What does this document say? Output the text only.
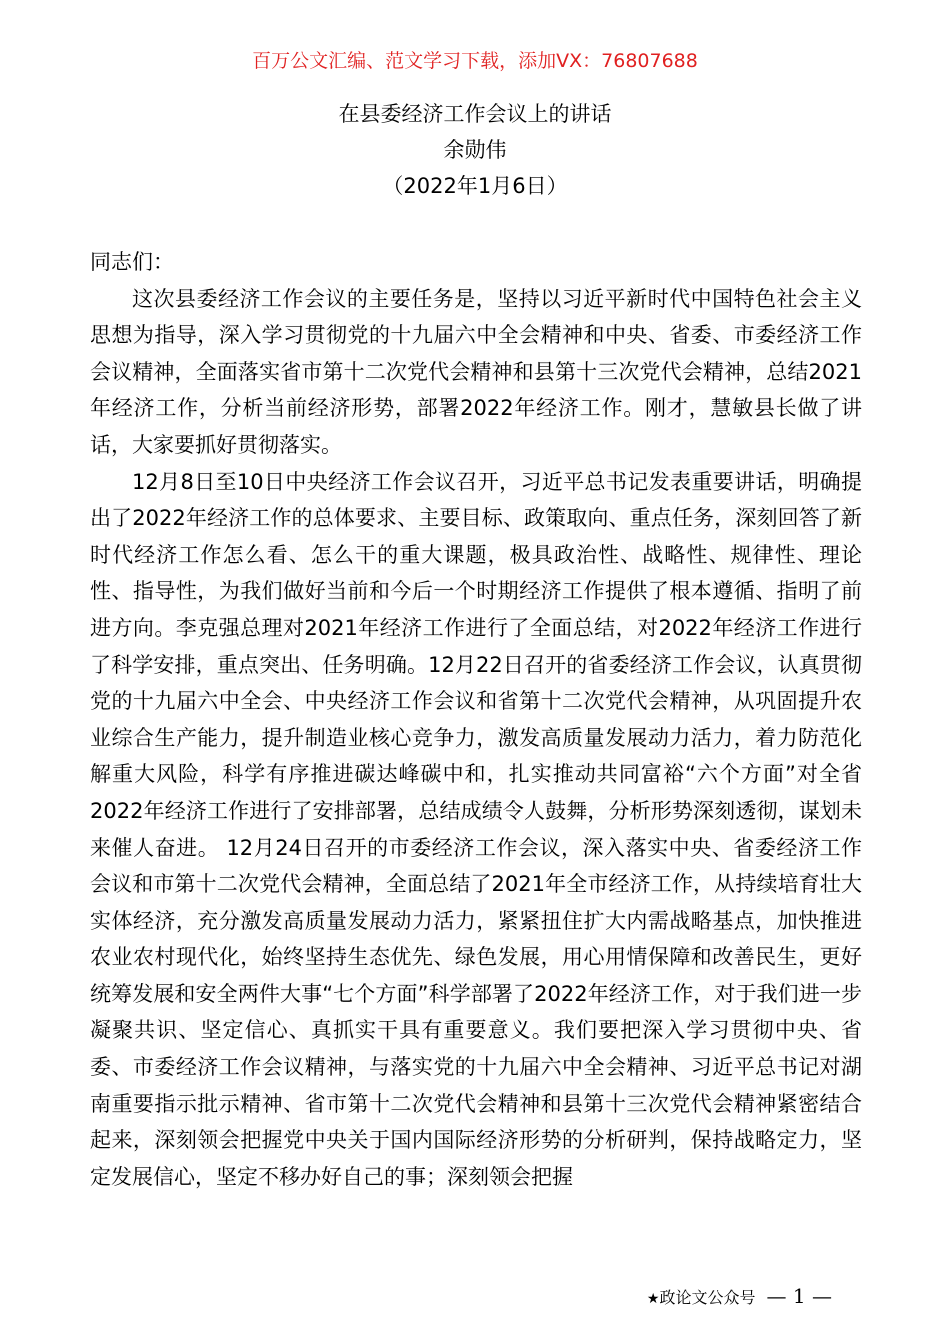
百万公文汇编、范文学习下载，添加VX：76807688
在县委经济工作会议上的讲话
余勋伟
（2022年1月6日）

同志们：

这次县委经济工作会议的主要任务是，坚持以习近平新时代中国特色社会主义思想为指导，深入学习贯彻党的十九届六中全会精神和中央、省委、市委经济工作会议精神，全面落实省市第十二次党代会精神和县第十三次党代会精神，总结2021年经济工作，分析当前经济形势，部署2022年经济工作。刚才，慧敏县长做了讲话，大家要抓好贯彻落实。

12月8日至10日中央经济工作会议召开，习近平总书记发表重要讲话，明确提出了2022年经济工作的总体要求、主要目标、政策取向、重点任务，深刻回答了新时代经济工作怎么看、怎么干的重大课题，极具政治性、战略性、规律性、理论性、指导性，为我们做好当前和今后一个时期经济工作提供了根本遵循、指明了前进方向。李克强总理对2021年经济工作进行了全面总结，对2022年经济工作进行了科学安排，重点突出、任务明确。12月22日召开的省委经济工作会议，认真贯彻党的十九届六中全会、中央经济工作会议和省第十二次党代会精神，从巩固提升农业综合生产能力，提升制造业核心竞争力，激发高质量发展动力活力，着力防范化解重大风险，科学有序推进碳达峰碳中和，扎实推动共同富裕“六个方面”对全省2022年经济工作进行了安排部署，总结成绩令人鼓舞，分析形势深刻透彻，谋划未来催人奋进。 12月24日召开的市委经济工作会议，深入落实中央、省委经济工作会议和市第十二次党代会精神，全面总结了2021年全市经济工作，从持续培育壮大实体经济，充分激发高质量发展动力活力，紧紧扭住扩大内需战略基点，加快推进农业农村现代化，始终坚持生态优先、绿色发展，用心用情保障和改善民生，更好统筹发展和安全两件大事“七个方面”科学部署了2022年经济工作，对于我们进一步凝聚共识、坚定信心、真抓实干具有重要意义。我们要把深入学习贯彻中央、省委、市委经济工作会议精神，与落实党的十九届六中全会精神、习近平总书记对湖南重要指示批示精神、省市第十二次党代会精神和县第十三次党代会精神紧密结合起来，深刻领会把握党中央关于国内国际经济形势的分析研判，保持战略定力，坚定发展信心，坚定不移办好自己的事；深刻领会把握

★政论文公众号 — 1 —
